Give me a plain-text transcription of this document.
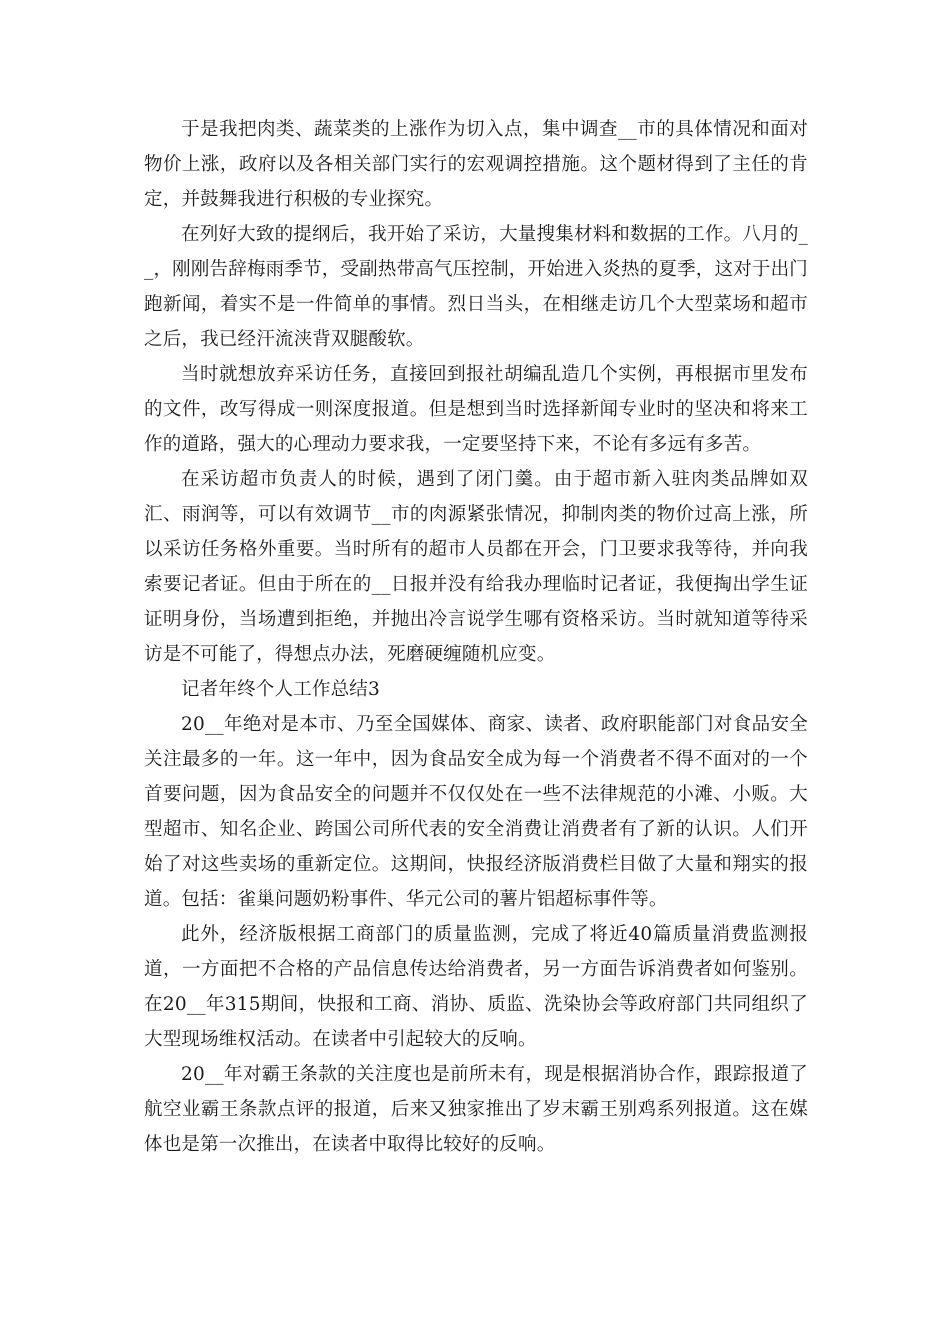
于是我把肉类、蔬菜类的上涨作为切入点，集中调查__市的具体情况和面对物价上涨，政府以及各相关部门实行的宏观调控措施。这个题材得到了主任的肯定，并鼓舞我进行积极的专业探究。

在列好大致的提纲后，我开始了采访，大量搜集材料和数据的工作。八月的__，刚刚告辞梅雨季节，受副热带高气压控制，开始进入炎热的夏季，这对于出门跑新闻，着实不是一件简单的事情。烈日当头，在相继走访几个大型菜场和超市之后，我已经汗流浃背双腿酸软。

当时就想放弃采访任务，直接回到报社胡编乱造几个实例，再根据市里发布的文件，改写得成一则深度报道。但是想到当时选择新闻专业时的坚决和将来工作的道路，强大的心理动力要求我，一定要坚持下来，不论有多远有多苦。

在采访超市负责人的时候，遇到了闭门羹。由于超市新入驻肉类品牌如双汇、雨润等，可以有效调节__市的肉源紧张情况，抑制肉类的物价过高上涨，所以采访任务格外重要。当时所有的超市人员都在开会，门卫要求我等待，并向我索要记者证。但由于所在的__日报并没有给我办理临时记者证，我便掏出学生证证明身份，当场遭到拒绝，并抛出冷言说学生哪有资格采访。当时就知道等待采访是不可能了，得想点办法，死磨硬缠随机应变。

记者年终个人工作总结3

20__年绝对是本市、乃至全国媒体、商家、读者、政府职能部门对食品安全关注最多的一年。这一年中，因为食品安全成为每一个消费者不得不面对的一个首要问题，因为食品安全的问题并不仅仅处在一些不法律规范的小滩、小贩。大型超市、知名企业、跨国公司所代表的安全消费让消费者有了新的认识。人们开始了对这些卖场的重新定位。这期间，快报经济版消费栏目做了大量和翔实的报道。包括：雀巢问题奶粉事件、华元公司的薯片铝超标事件等。

此外，经济版根据工商部门的质量监测，完成了将近40篇质量消费监测报道，一方面把不合格的产品信息传达给消费者，另一方面告诉消费者如何鉴别。在20__年315期间，快报和工商、消协、质监、洗染协会等政府部门共同组织了大型现场维权活动。在读者中引起较大的反响。

20__年对霸王条款的关注度也是前所未有，现是根据消协合作，跟踪报道了航空业霸王条款点评的报道，后来又独家推出了岁末霸王别鸡系列报道。这在媒体也是第一次推出，在读者中取得比较好的反响。
